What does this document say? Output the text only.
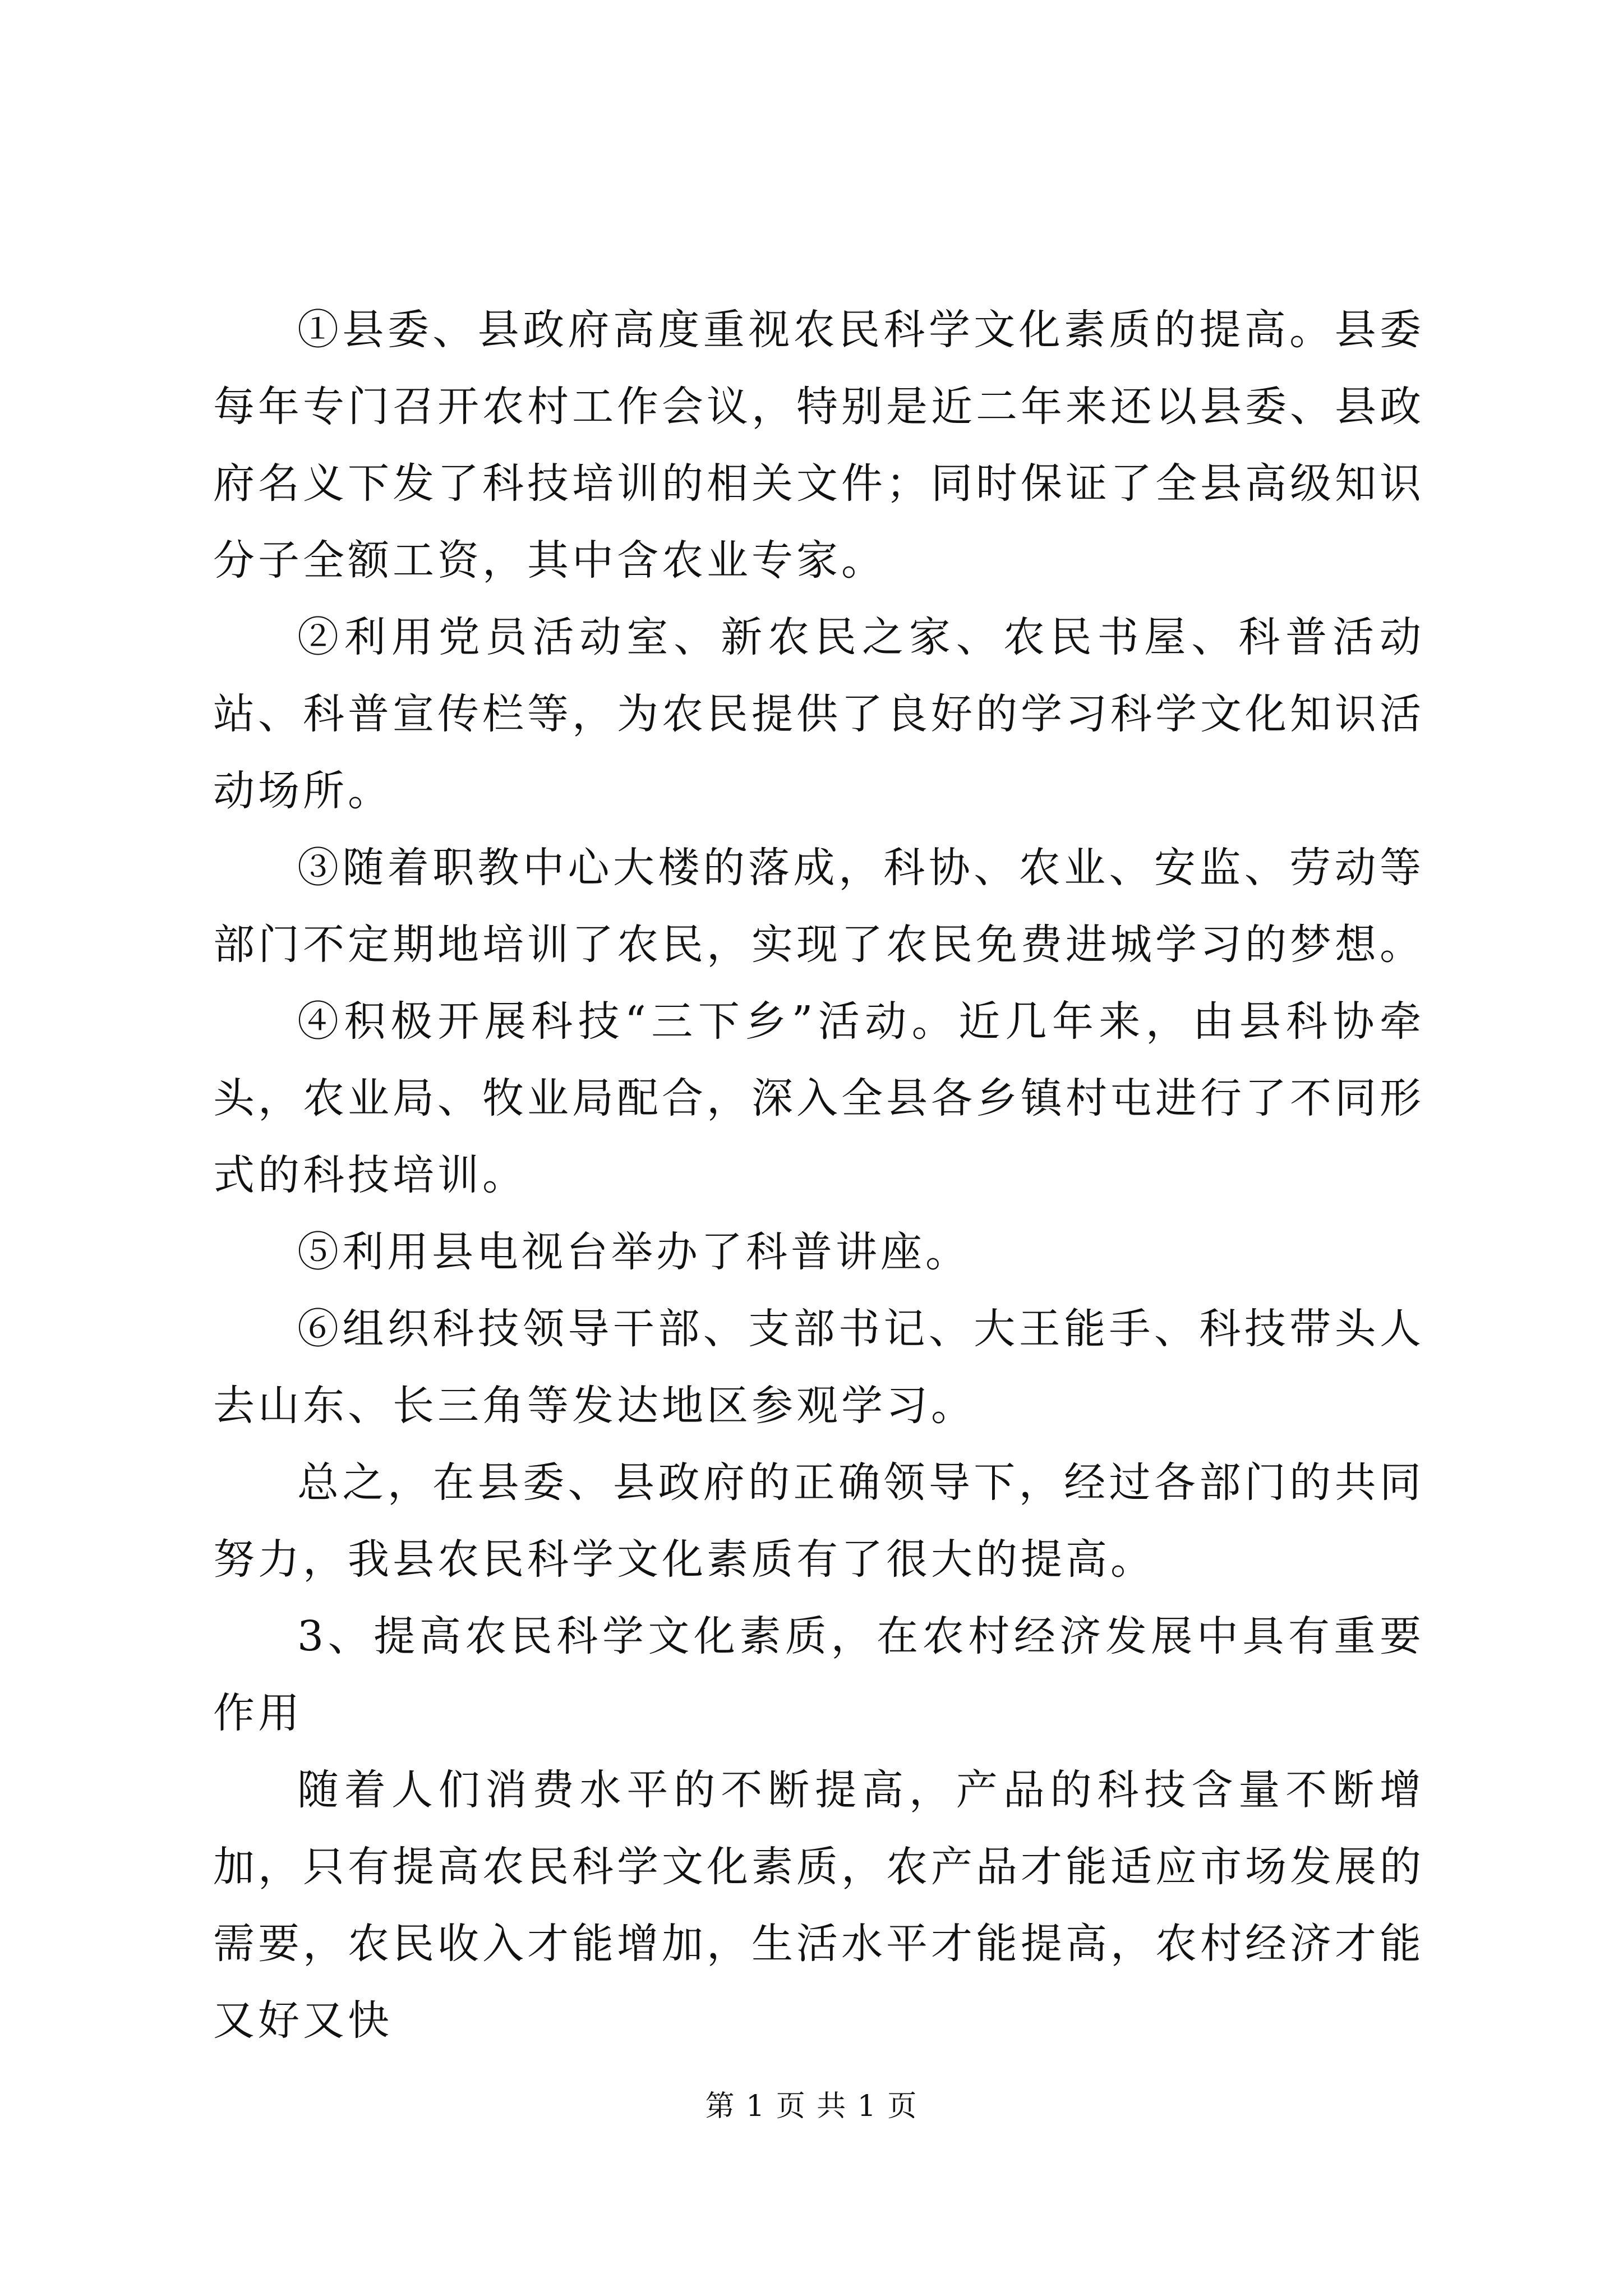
①县委、县政府高度重视农民科学文化素质的提高。县委每年专门召开农村工作会议，特别是近二年来还以县委、县政府名义下发了科技培训的相关文件；同时保证了全县高级知识分子全额工资，其中含农业专家。

②利用党员活动室、新农民之家、农民书屋、科普活动站、科普宣传栏等，为农民提供了良好的学习科学文化知识活动场所。

③随着职教中心大楼的落成，科协、农业、安监、劳动等部门不定期地培训了农民，实现了农民免费进城学习的梦想。

④积极开展科技“三下乡”活动。近几年来，由县科协牵头，农业局、牧业局配合，深入全县各乡镇村屯进行了不同形式的科技培训。

⑤利用县电视台举办了科普讲座。

⑥组织科技领导干部、支部书记、大王能手、科技带头人去山东、长三角等发达地区参观学习。

总之，在县委、县政府的正确领导下，经过各部门的共同努力，我县农民科学文化素质有了很大的提高。

3、提高农民科学文化素质，在农村经济发展中具有重要作用

随着人们消费水平的不断提高，产品的科技含量不断增加，只有提高农民科学文化素质，农产品才能适应市场发展的需要，农民收入才能增加，生活水平才能提高，农村经济才能又好又快

第 1 页 共 1 页
